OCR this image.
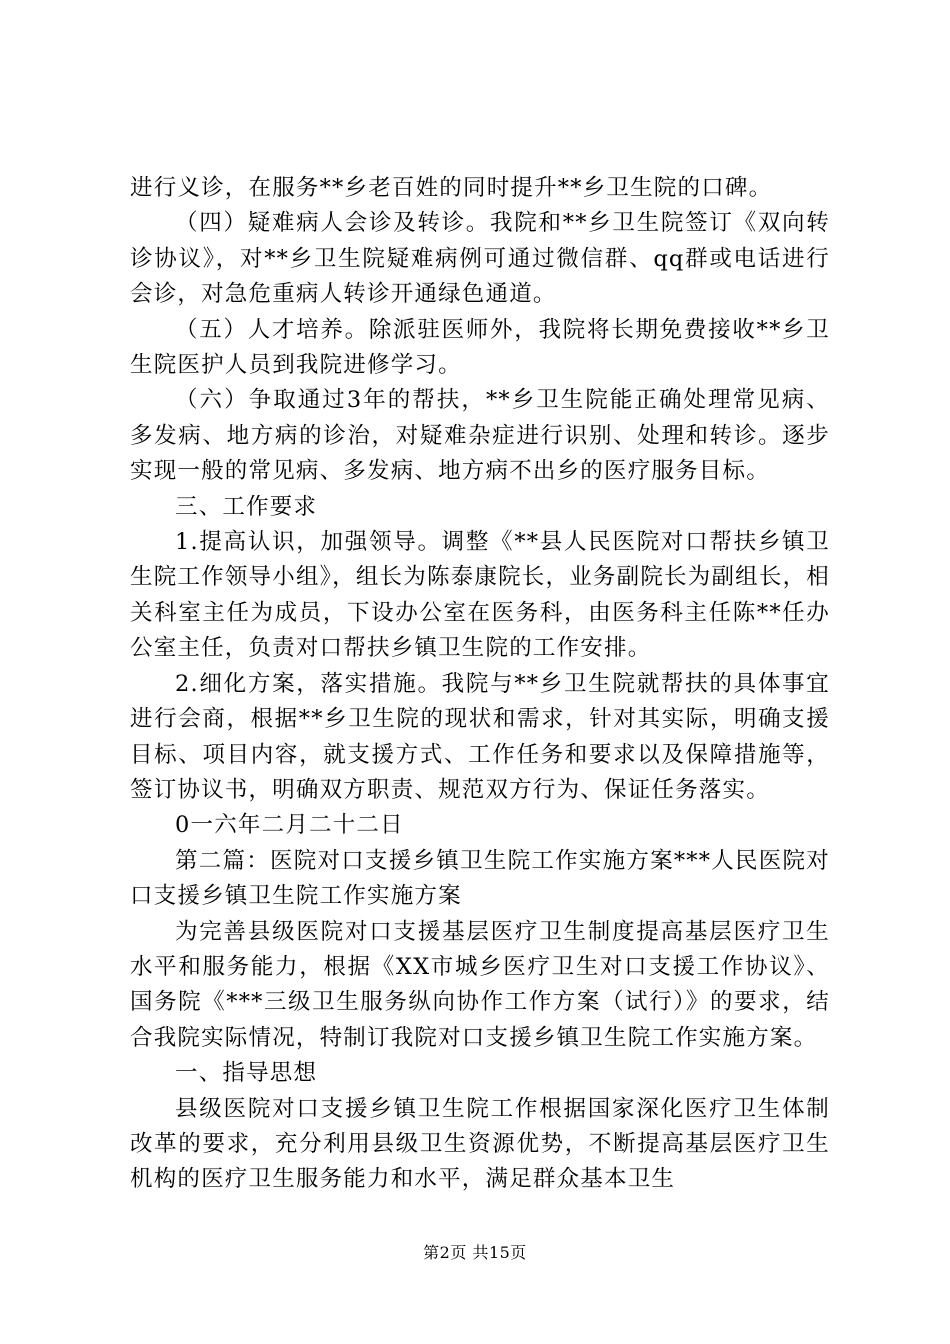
进行义诊，在服务**乡老百姓的同时提升**乡卫生院的口碑。

（四）疑难病人会诊及转诊。我院和**乡卫生院签订《双向转诊协议》，对**乡卫生院疑难病例可通过微信群、qq群或电话进行会诊，对急危重病人转诊开通绿色通道。

（五）人才培养。除派驻医师外，我院将长期免费接收**乡卫生院医护人员到我院进修学习。

（六）争取通过3年的帮扶，**乡卫生院能正确处理常见病、多发病、地方病的诊治，对疑难杂症进行识别、处理和转诊。逐步实现一般的常见病、多发病、地方病不出乡的医疗服务目标。

三、工作要求

1.提高认识，加强领导。调整《**县人民医院对口帮扶乡镇卫生院工作领导小组》，组长为陈泰康院长，业务副院长为副组长，相关科室主任为成员，下设办公室在医务科，由医务科主任陈**任办公室主任，负责对口帮扶乡镇卫生院的工作安排。

2.细化方案，落实措施。我院与**乡卫生院就帮扶的具体事宜进行会商，根据**乡卫生院的现状和需求，针对其实际，明确支援目标、项目内容，就支援方式、工作任务和要求以及保障措施等，签订协议书，明确双方职责、规范双方行为、保证任务落实。

0一六年二月二十二日

第二篇：医院对口支援乡镇卫生院工作实施方案***人民医院对口支援乡镇卫生院工作实施方案

为完善县级医院对口支援基层医疗卫生制度提高基层医疗卫生水平和服务能力，根据《XX市城乡医疗卫生对口支援工作协议》、国务院《***三级卫生服务纵向协作工作方案（试行）》的要求，结合我院实际情况，特制订我院对口支援乡镇卫生院工作实施方案。

一、指导思想

县级医院对口支援乡镇卫生院工作根据国家深化医疗卫生体制改革的要求，充分利用县级卫生资源优势，不断提高基层医疗卫生机构的医疗卫生服务能力和水平，满足群众基本卫生

第2页 共15页
